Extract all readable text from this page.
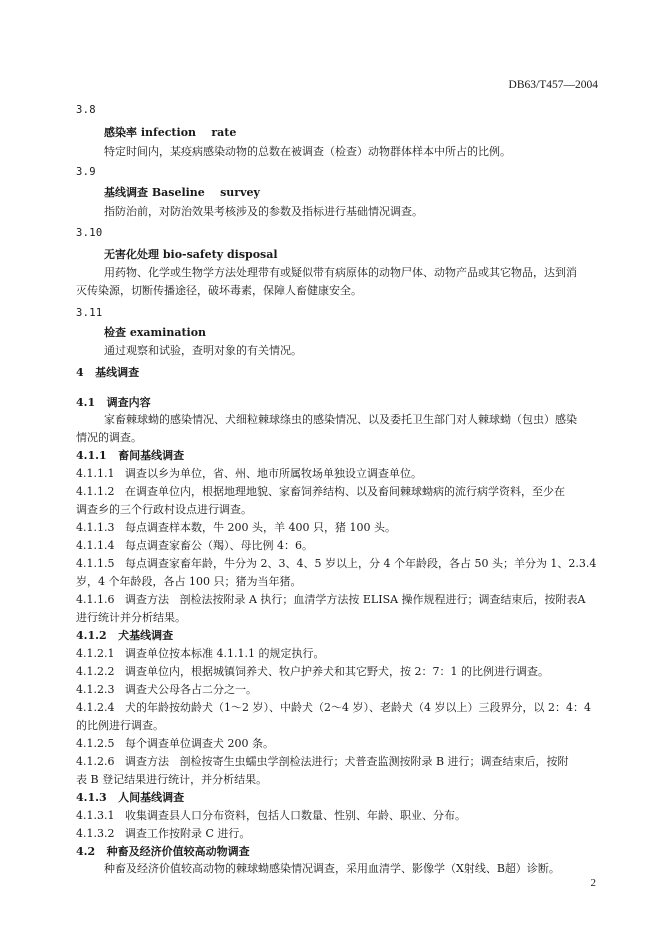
DB63/T457—2004
3.8
感染率 infection    rate
特定时间内，某疫病感染动物的总数在被调查（检查）动物群体样本中所占的比例。
3.9
基线调查 Baseline    survey
指防治前，对防治效果考核涉及的参数及指标进行基础情况调查。
3.10
无害化处理 bio-safety disposal
用药物、化学或生物学方法处理带有或疑似带有病原体的动物尸体、动物产品或其它物品，达到消
灭传染源，切断传播途径，破坏毒素，保障人畜健康安全。
3.11
检查 examination
通过观察和试验，查明对象的有关情况。
4   基线调查
4.1   调查内容
家畜棘球蚴的感染情况、犬细粒棘球绦虫的感染情况、以及委托卫生部门对人棘球蚴（包虫）感染
情况的调查。
4.1.1   畜间基线调查
4.1.1.1   调查以乡为单位，省、州、地市所属牧场单独设立调查单位。
4.1.1.2   在调查单位内，根据地理地貌、家畜饲养结构、以及畜间棘球蚴病的流行病学资料，至少在
调查乡的三个行政村设点进行调查。
4.1.1.3   每点调查样本数，牛 200 头，羊 400 只，猪 100 头。
4.1.1.4   每点调查家畜公（羯）、母比例 4：6。
4.1.1.5   每点调查家畜年龄，牛分为 2、3、4、5 岁以上，分 4 个年龄段，各占 50 头；羊分为 1、2.3.4
岁，4 个年龄段，各占 100 只；猪为当年猪。
4.1.1.6   调查方法   剖检法按附录 A 执行；血清学方法按 ELISA 操作规程进行；调查结束后，按附表A
进行统计并分析结果。
4.1.2   犬基线调查
4.1.2.1   调查单位按本标准 4.1.1.1 的规定执行。
4.1.2.2   调查单位内，根据城镇饲养犬、牧户护养犬和其它野犬，按 2：7：1 的比例进行调查。
4.1.2.3   调查犬公母各占二分之一。
4.1.2.4   犬的年龄按幼龄犬（1～2 岁）、中龄犬（2～4 岁）、老龄犬（4 岁以上）三段界分，以 2：4：4
的比例进行调查。
4.1.2.5   每个调查单位调查犬 200 条。
4.1.2.6   调查方法   剖检按寄生虫蠕虫学剖检法进行；犬普查监测按附录 B 进行；调查结束后，按附
表 B 登记结果进行统计，并分析结果。
4.1.3   人间基线调查
4.1.3.1   收集调查县人口分布资料，包括人口数量、性别、年龄、职业、分布。
4.1.3.2   调查工作按附录 C 进行。
4.2   种畜及经济价值较高动物调查
种畜及经济价值较高动物的棘球蚴感染情况调查，采用血清学、影像学（X射线、B超）诊断。
2
